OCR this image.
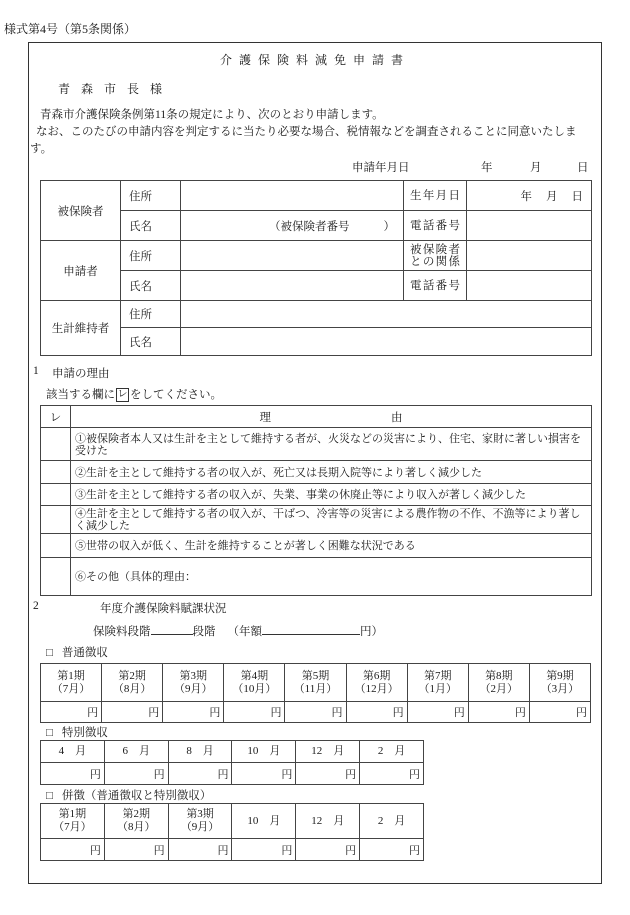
様式第4号（第5条関係）
介護保険料減免申請書
青森市長様

青森市介護保険条例第11条の規定により、次のとおり申請します。

なお、このたびの申請内容を判定するに当たり必要な場合、税情報などを調査されることに同意いたします。

申請年月日	年	月	日
被保険者	住所		生年月日	年 月 日

	氏名	（被保険者番号 ）	電話番号	

申請者	住所		被保険者
との関係	

	氏名		電話番号	

生計維持者	住所			
	氏名			
1 申請の理由
該当する欄に レ をしてください。
レ	理由
	①被保険者本人又は生計を主として維持する者が、火災などの災害により、住宅、家財に著しい損害を受けた
	②生計を主として維持する者の収入が、死亡又は長期入院等により著しく減少した
	③生計を主として維持する者の収入が、失業、事業の休廃止等により収入が著しく減少した
	④生計を主として維持する者の収入が、干ばつ、冷害等の災害による農作物の不作、不漁等により著しく減少した
	⑤世帯の収入が低く、生計を維持することが著しく困難な状況である
	⑥その他（具体的理由：
2	年度介護保険料賦課状況
保険料段階	段階 （年額	円）
□ 普通徴収
第1期
（7月）	第2期
（8月）	第3期
（9月）	第4期
（10月）	第5期
（11月）	第6期
（12月）	第7期
（1月）	第8期
（2月）	第9期
（3月）

円	円	円	円	円	円	円	円	円
□ 特別徴収
4　月	6　月	8　月	10　月	12　月	2　月
円	円	円	円	円	円
□ 併徴（普通徴収と特別徴収）
第1期
（7月）	第2期
（8月）	第3期
（9月）	10　月	12　月	2　月
円	円	円	円	円	円
